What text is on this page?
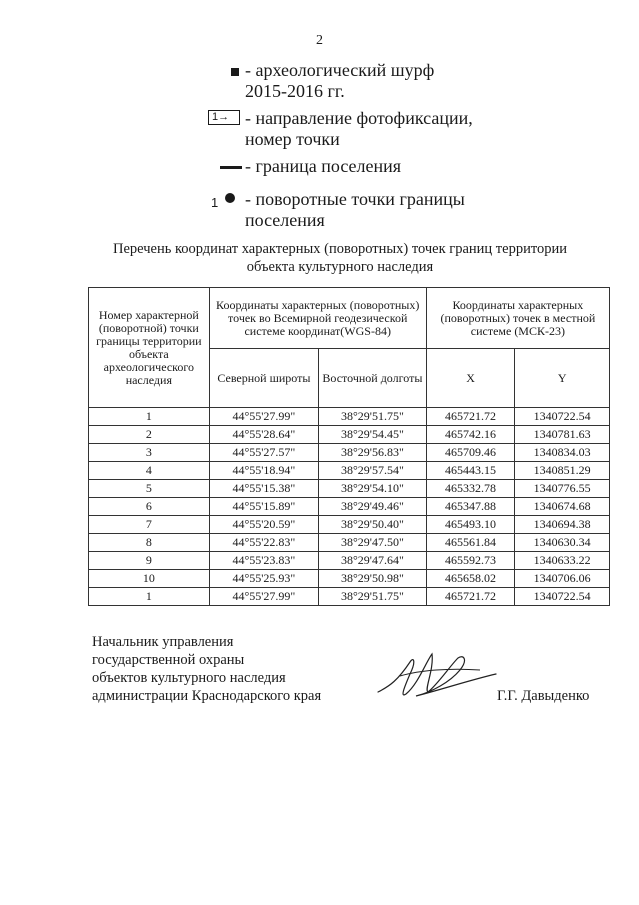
2
- археологический шурф
2015-2016 гг.
1→ - направление фотофиксации,
номер точки
- граница поселения
1 - поворотные точки границы
поселения
Перечень координат характерных (поворотных) точек границ территории
объекта культурного наследия
Номер характерной (поворотной) точки границы территории объекта археологического наследия	Координаты характерных (поворотных) точек во Всемирной геодезической системе координат(WGS-84)		Координаты характерных (поворотных) точек в местной системе (МСК-23)	
	Северной широты	Восточной долготы	X	Y
1	44°55'27.99"	38°29'51.75"	465721.72	1340722.54
2	44°55'28.64"	38°29'54.45"	465742.16	1340781.63
3	44°55'27.57"	38°29'56.83"	465709.46	1340834.03
4	44°55'18.94"	38°29'57.54"	465443.15	1340851.29
5	44°55'15.38"	38°29'54.10"	465332.78	1340776.55
6	44°55'15.89"	38°29'49.46"	465347.88	1340674.68
7	44°55'20.59"	38°29'50.40"	465493.10	1340694.38
8	44°55'22.83"	38°29'47.50"	465561.84	1340630.34
9	44°55'23.83"	38°29'47.64"	465592.73	1340633.22
10	44°55'25.93"	38°29'50.98"	465658.02	1340706.06
1	44°55'27.99"	38°29'51.75"	465721.72	1340722.54
Начальник управления
государственной охраны
объектов культурного наследия
администрации Краснодарского края	Г.Г. Давыденко
